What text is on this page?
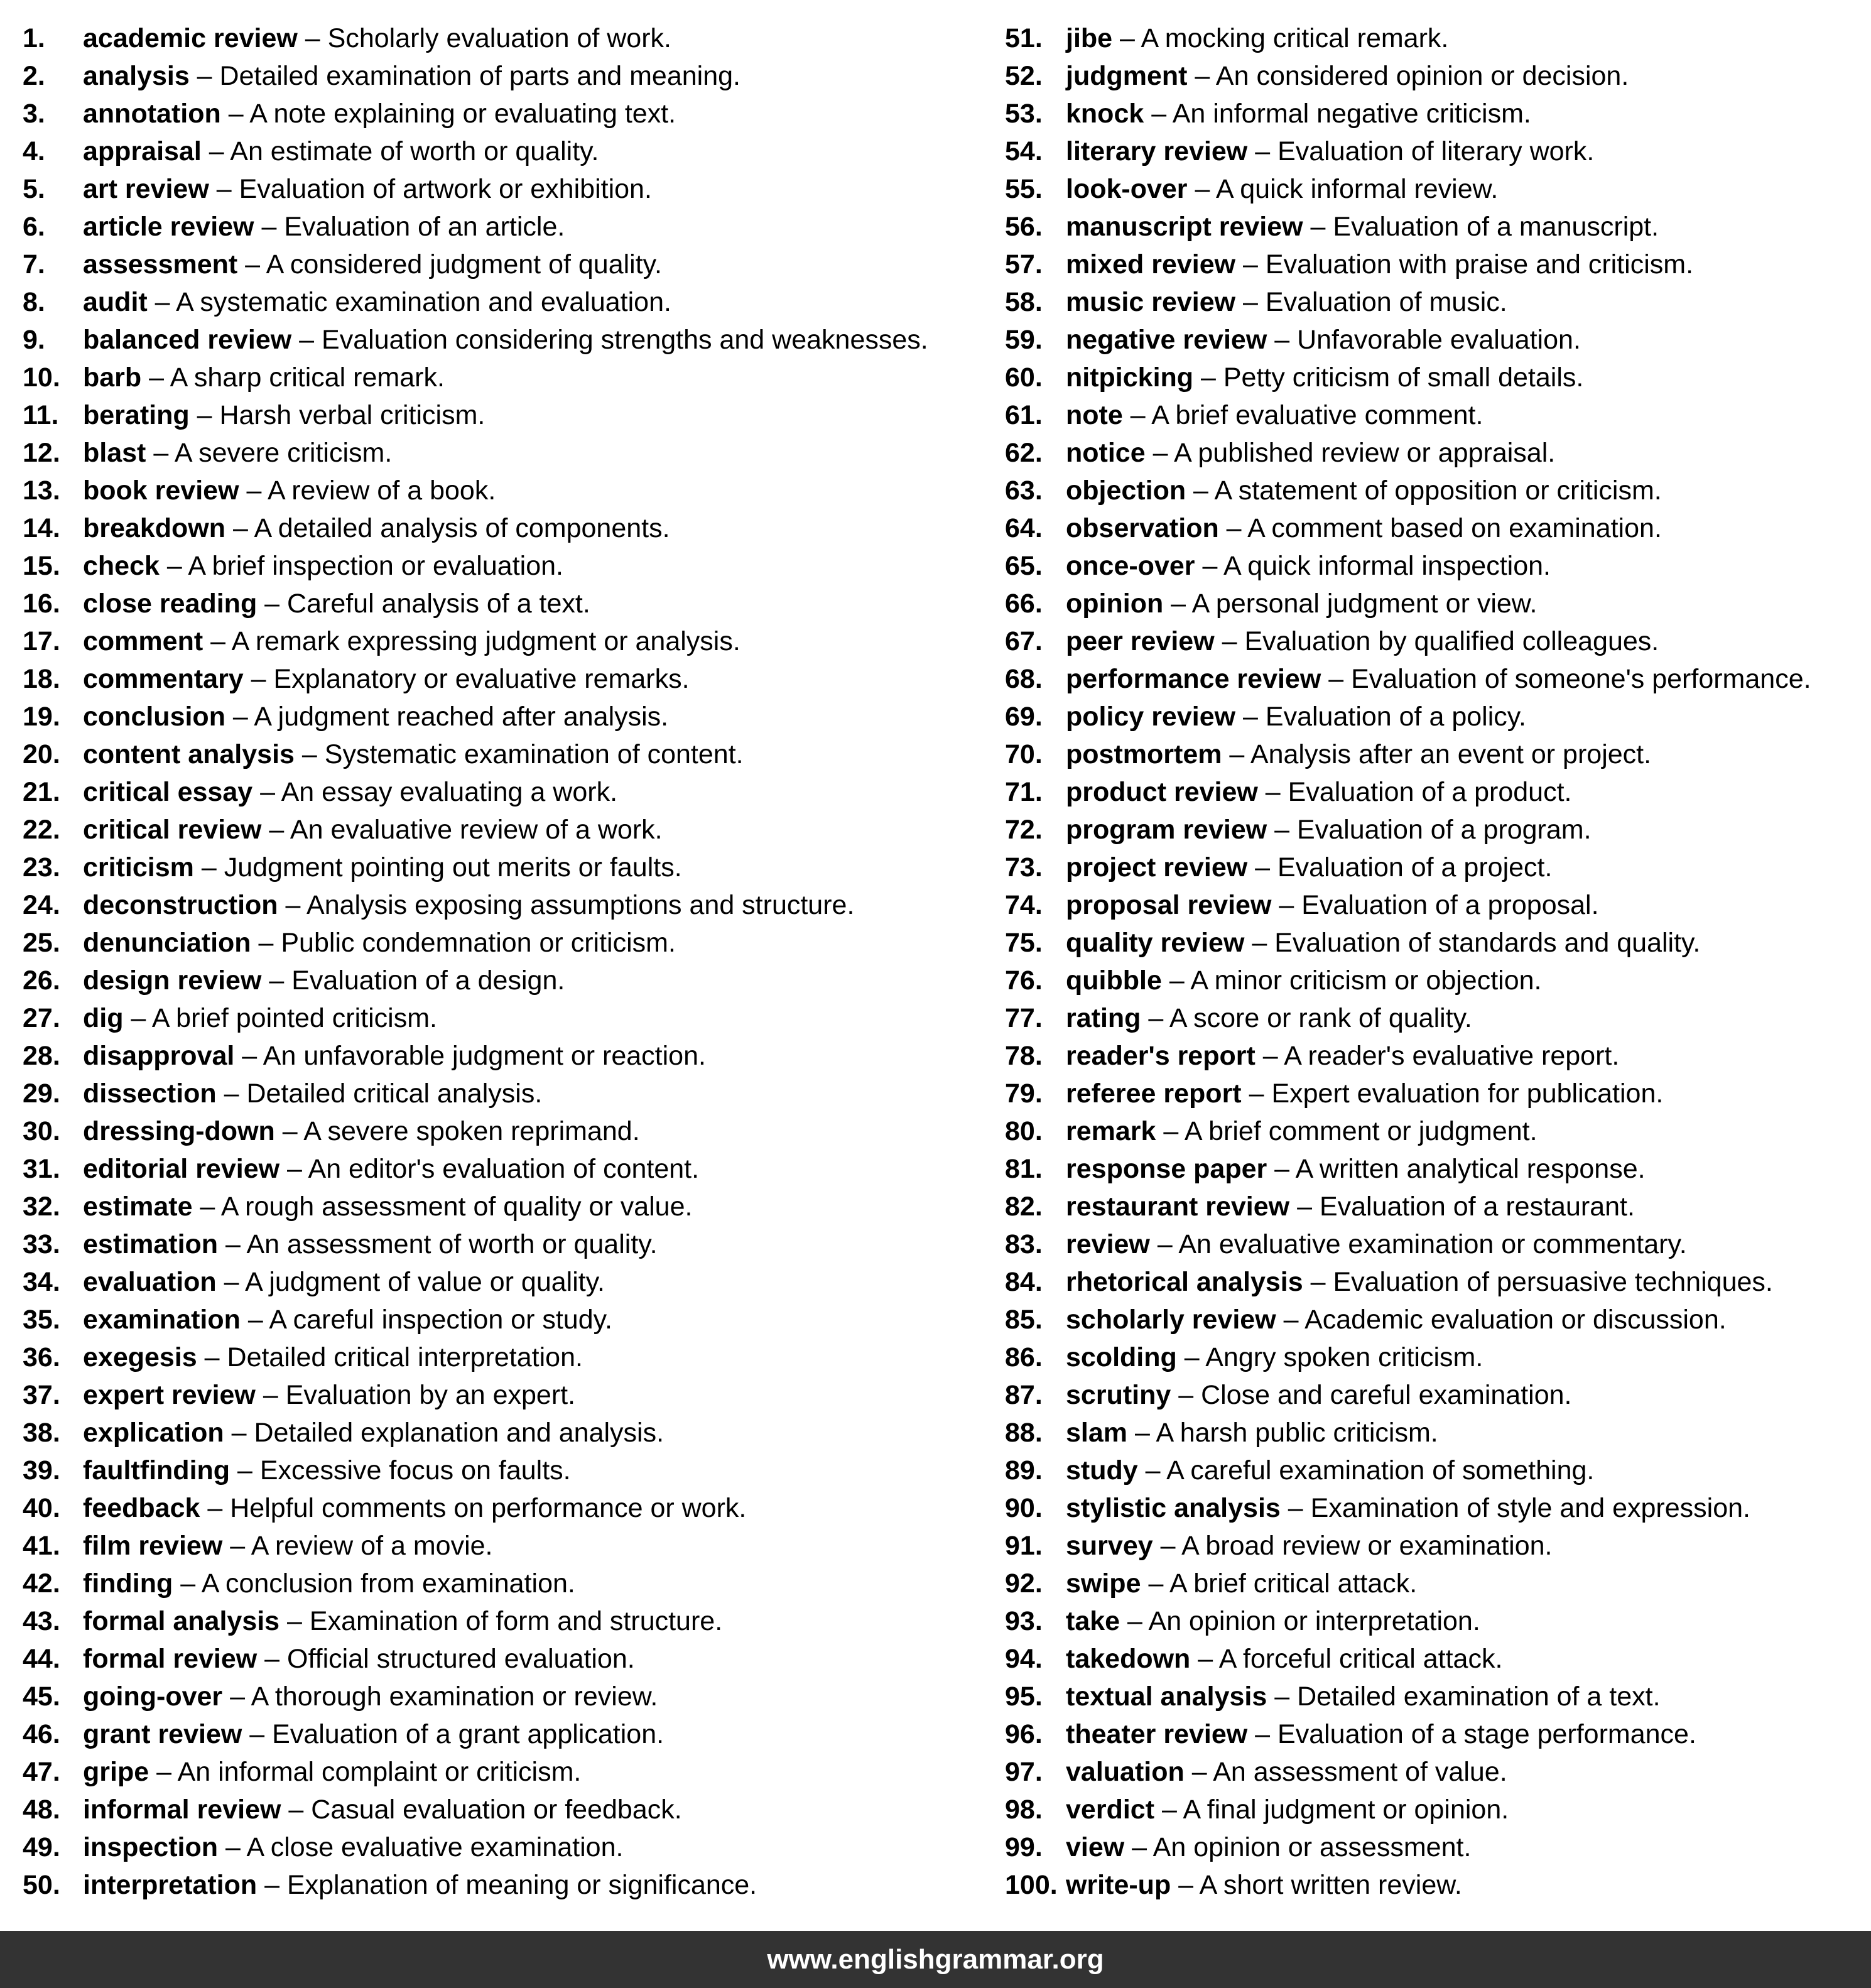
1. academic review – Scholarly evaluation of work.
2. analysis – Detailed examination of parts and meaning.
3. annotation – A note explaining or evaluating text.
4. appraisal – An estimate of worth or quality.
5. art review – Evaluation of artwork or exhibition.
6. article review – Evaluation of an article.
7. assessment – A considered judgment of quality.
8. audit – A systematic examination and evaluation.
9. balanced review – Evaluation considering strengths and weaknesses.
10. barb – A sharp critical remark.
11. berating – Harsh verbal criticism.
12. blast – A severe criticism.
13. book review – A review of a book.
14. breakdown – A detailed analysis of components.
15. check – A brief inspection or evaluation.
16. close reading – Careful analysis of a text.
17. comment – A remark expressing judgment or analysis.
18. commentary – Explanatory or evaluative remarks.
19. conclusion – A judgment reached after analysis.
20. content analysis – Systematic examination of content.
21. critical essay – An essay evaluating a work.
22. critical review – An evaluative review of a work.
23. criticism – Judgment pointing out merits or faults.
24. deconstruction – Analysis exposing assumptions and structure.
25. denunciation – Public condemnation or criticism.
26. design review – Evaluation of a design.
27. dig – A brief pointed criticism.
28. disapproval – An unfavorable judgment or reaction.
29. dissection – Detailed critical analysis.
30. dressing-down – A severe spoken reprimand.
31. editorial review – An editor's evaluation of content.
32. estimate – A rough assessment of quality or value.
33. estimation – An assessment of worth or quality.
34. evaluation – A judgment of value or quality.
35. examination – A careful inspection or study.
36. exegesis – Detailed critical interpretation.
37. expert review – Evaluation by an expert.
38. explication – Detailed explanation and analysis.
39. faultfinding – Excessive focus on faults.
40. feedback – Helpful comments on performance or work.
41. film review – A review of a movie.
42. finding – A conclusion from examination.
43. formal analysis – Examination of form and structure.
44. formal review – Official structured evaluation.
45. going-over – A thorough examination or review.
46. grant review – Evaluation of a grant application.
47. gripe – An informal complaint or criticism.
48. informal review – Casual evaluation or feedback.
49. inspection – A close evaluative examination.
50. interpretation – Explanation of meaning or significance.
51. jibe – A mocking critical remark.
52. judgment – An considered opinion or decision.
53. knock – An informal negative criticism.
54. literary review – Evaluation of literary work.
55. look-over – A quick informal review.
56. manuscript review – Evaluation of a manuscript.
57. mixed review – Evaluation with praise and criticism.
58. music review – Evaluation of music.
59. negative review – Unfavorable evaluation.
60. nitpicking – Petty criticism of small details.
61. note – A brief evaluative comment.
62. notice – A published review or appraisal.
63. objection – A statement of opposition or criticism.
64. observation – A comment based on examination.
65. once-over – A quick informal inspection.
66. opinion – A personal judgment or view.
67. peer review – Evaluation by qualified colleagues.
68. performance review – Evaluation of someone's performance.
69. policy review – Evaluation of a policy.
70. postmortem – Analysis after an event or project.
71. product review – Evaluation of a product.
72. program review – Evaluation of a program.
73. project review – Evaluation of a project.
74. proposal review – Evaluation of a proposal.
75. quality review – Evaluation of standards and quality.
76. quibble – A minor criticism or objection.
77. rating – A score or rank of quality.
78. reader's report – A reader's evaluative report.
79. referee report – Expert evaluation for publication.
80. remark – A brief comment or judgment.
81. response paper – A written analytical response.
82. restaurant review – Evaluation of a restaurant.
83. review – An evaluative examination or commentary.
84. rhetorical analysis – Evaluation of persuasive techniques.
85. scholarly review – Academic evaluation or discussion.
86. scolding – Angry spoken criticism.
87. scrutiny – Close and careful examination.
88. slam – A harsh public criticism.
89. study – A careful examination of something.
90. stylistic analysis – Examination of style and expression.
91. survey – A broad review or examination.
92. swipe – A brief critical attack.
93. take – An opinion or interpretation.
94. takedown – A forceful critical attack.
95. textual analysis – Detailed examination of a text.
96. theater review – Evaluation of a stage performance.
97. valuation – An assessment of value.
98. verdict – A final judgment or opinion.
99. view – An opinion or assessment.
100. write-up – A short written review.
www.englishgrammar.org
